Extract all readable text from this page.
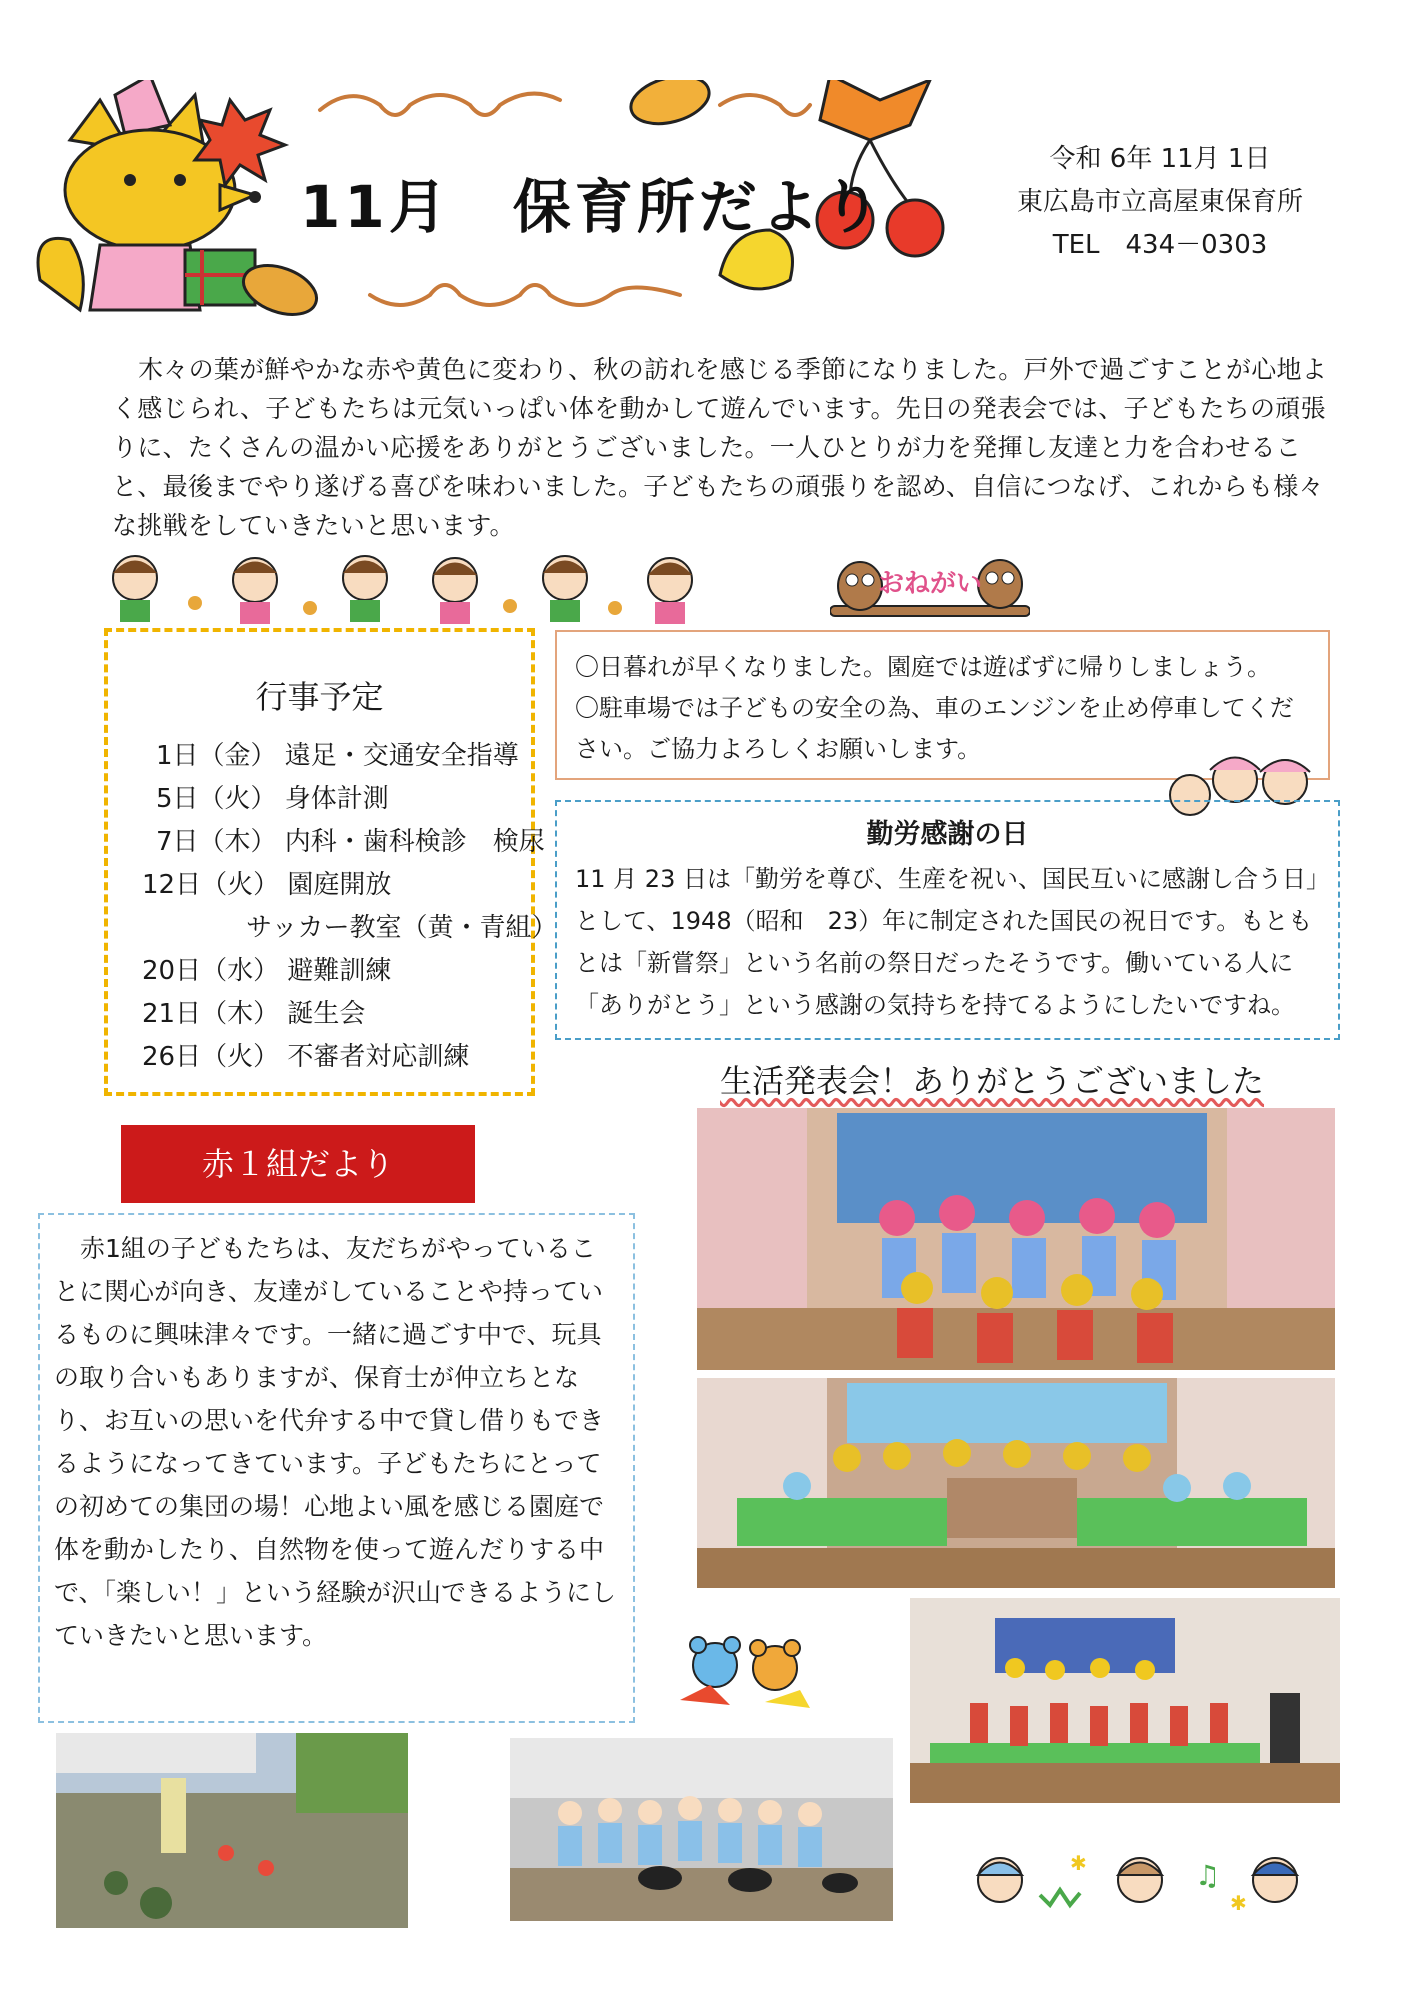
11月　保育所だより
令和 6年 11月 1日
東広島市立高屋東保育所
TEL　434－0303

木々の葉が鮮やかな赤や黄色に変わり、秋の訪れを感じる季節になりました。戸外で過ごすことが心地よく感じられ、子どもたちは元気いっぱい体を動かして遊んでいます。先日の発表会では、子どもたちの頑張りに、たくさんの温かい応援をありがとうございました。一人ひとりが力を発揮し友達と力を合わせること、最後までやり遂げる喜びを味わいました。子どもたちの頑張りを認め、自信につなげ、これからも様々な挑戦をしていきたいと思います。

行事予定
1日（金） 遠足・交通安全指導
5日（火） 身体計測
7日（木） 内科・歯科検診　検尿
12日（火） 園庭開放
サッカー教室（黄・青組）
20日（水） 避難訓練
21日（木） 誕生会
26日（火） 不審者対応訓練
おねがい
〇日暮れが早くなりました。園庭では遊ばずに帰りしましょう。
〇駐車場では子どもの安全の為、車のエンジンを止め停車してください。ご協力よろしくお願いします。
勤労感謝の日

11 月 23 日は「勤労を尊び、生産を祝い、国民互いに感謝し合う日」として、1948（昭和　23）年に制定された国民の祝日です。もともとは「新嘗祭」という名前の祭日だったそうです。働いている人に「ありがとう」という感謝の気持ちを持てるようにしたいですね。

生活発表会！ありがとうございました
赤１組だより

赤1組の子どもたちは、友だちがやっていることに関心が向き、友達がしていることや持っているものに興味津々です。一緒に過ごす中で、玩具の取り合いもありますが、保育士が仲立ちとなり、お互いの思いを代弁する中で貸し借りもできるようになってきています。子どもたちにとっての初めての集団の場！心地よい風を感じる園庭で体を動かしたり、自然物を使って遊んだりする中で、「楽しい！」という経験が沢山できるようにしていきたいと思います。

♫
✱
✱
